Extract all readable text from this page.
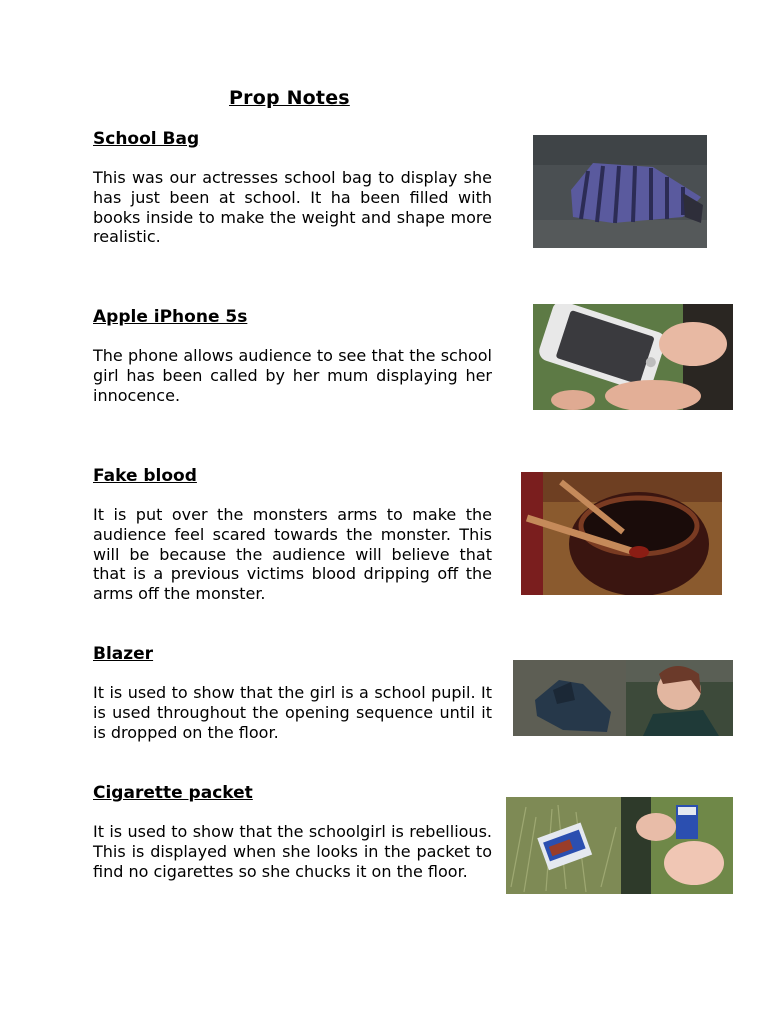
Prop Notes
School Bag

This was our actresses school bag to display she has just been at school. It ha been filled with books inside to make the weight and shape more realistic.

Apple iPhone 5s

The phone allows audience to see that the school girl has been called by her mum displaying her innocence.

Fake blood

It is put over the monsters arms to make the audience feel scared towards the monster. This will be because the audience will believe that that is a previous victims blood dripping off the arms off the monster.

Blazer

It is used to show that the girl is a school pupil. It is used throughout the opening sequence until it is dropped on the floor.

Cigarette packet

It is used to show that the schoolgirl is rebellious. This is displayed when she looks in the packet to find no cigarettes so she chucks it on the floor.
